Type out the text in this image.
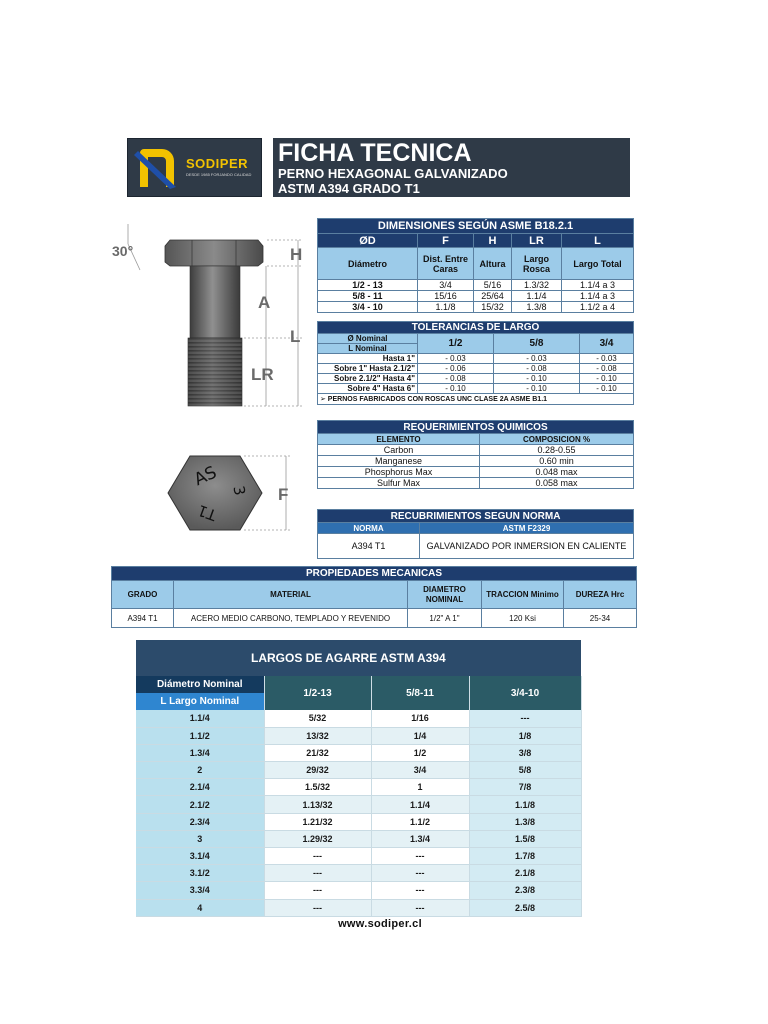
SODIPER
DESDE 1985 FORJANDO CALIDAD
FICHA TECNICA
PERNO HEXAGONAL GALVANIZADO
ASTM A394 GRADO T1
30°	H
A
L
LR
AS
3
T1
F
DIMENSIONES SEGÚN ASME B18.2.1				
ØD	F	H	LR	L
Diámetro	Dist. Entre Caras	Altura	Largo Rosca	Largo Total
1/2 - 13	3/4	5/16	1.3/32	1.1/4 a 3
5/8 - 11	15/16	25/64	1.1/4	1.1/4 a 3
3/4 - 10	1.1/8	15/32	1.3/8	1.1/2 a 4
TOLERANCIAS DE LARGO			
Ø Nominal	1/2	5/8	3/4
L Nominal			
Hasta 1"	- 0.03	- 0.03	- 0.03
Sobre 1" Hasta 2.1/2"	- 0.06	- 0.08	- 0.08
Sobre 2.1/2" Hasta 4"	- 0.08	- 0.10	- 0.10
Sobre 4" Hasta 6"	- 0.10	- 0.10	- 0.10
➢ PERNOS FABRICADOS CON ROSCAS UNC CLASE 2A ASME B1.1			
REQUERIMIENTOS QUIMICOS	
ELEMENTO	COMPOSICION %
Carbon	0.28-0.55
Manganese	0.60 min
Phosphorus Max	0.048 max
Sulfur Max	0.058 max
RECUBRIMIENTOS SEGUN NORMA	
NORMA	ASTM F2329
A394 T1	GALVANIZADO POR INMERSION EN CALIENTE
PROPIEDADES MECANICAS				
GRADO	MATERIAL	DIAMETRO NOMINAL	TRACCION Minimo	DUREZA Hrc
A394 T1	ACERO MEDIO CARBONO, TEMPLADO Y REVENIDO	1/2" A 1"	120 Ksi	25-34
LARGOS DE AGARRE ASTM A394			

Diámetro Nominal
L Largo Nominal	1/2-13	5/8-11	3/4-10
1.1/4	5/32	1/16	---
1.1/2	13/32	1/4	1/8
1.3/4	21/32	1/2	3/8
2	29/32	3/4	5/8
2.1/4	1.5/32	1	7/8
2.1/2	1.13/32	1.1/4	1.1/8
2.3/4	1.21/32	1.1/2	1.3/8
3	1.29/32	1.3/4	1.5/8
3.1/4	---	---	1.7/8
3.1/2	---	---	2.1/8
3.3/4	---	---	2.3/8
4	---	---	2.5/8
www.sodiper.cl
